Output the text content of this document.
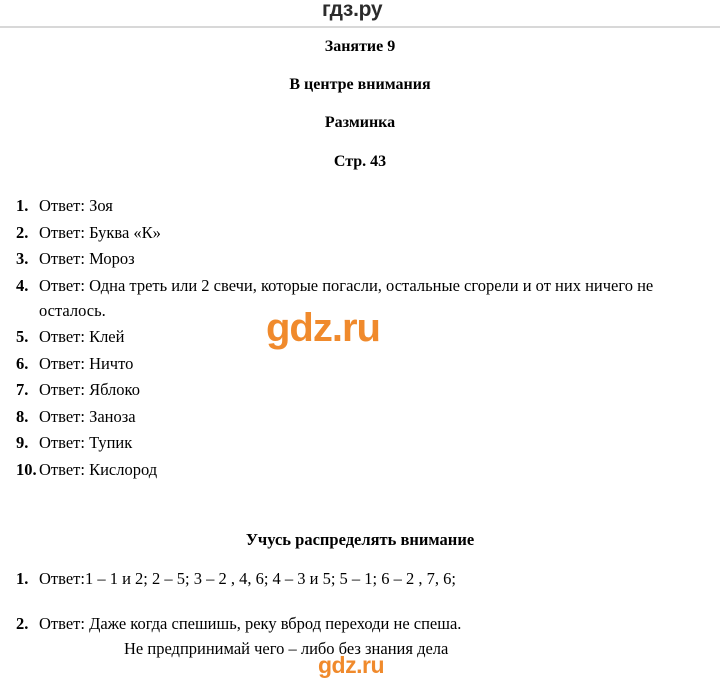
гдз.ру
Занятие 9
В центре внимания
Разминка
Стр. 43
1. Ответ: Зоя
2. Ответ: Буква «К»
3. Ответ: Мороз
4. Ответ: Одна треть или 2 свечи, которые погасли, остальные сгорели и от них ничего не осталось.
5. Ответ: Клей
6. Ответ: Ничто
7. Ответ: Яблоко
8. Ответ: Заноза
9. Ответ: Тупик
10. Ответ: Кислород
Учусь распределять внимание
1. Ответ:1 – 1 и 2; 2 – 5; 3 – 2 , 4, 6; 4 – 3 и 5; 5 – 1; 6 – 2 , 7, 6;
2. Ответ: Даже когда спешишь, реку вброд переходи не спеша.
Не предпринимай чего – либо без знания дела
gdz.ru
gdz.ru
